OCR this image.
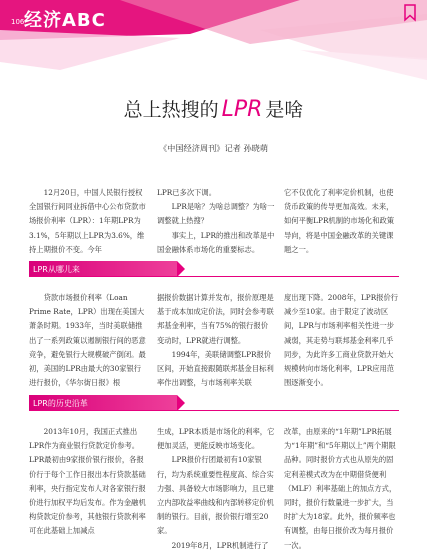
106 经济ABC
总上热搜的 LPR 是啥
《中国经济周刊》记者 孙晓萌

12月20日，中国人民银行授权全国银行间同业拆借中心公布贷款市场报价利率（LPR）：1年期LPR为3.1%，5年期以上LPR为3.6%，维持上期报价不变。今年

LPR已多次下调。

LPR是啥？为啥总调整？为啥一调整就上热搜？

事实上，LPR的推出和改革是中国金融体系市场化的重要标志。

它不仅优化了利率定价机制，也使货币政策的传导更加高效。未来，如何平衡LPR机制的市场化和政策导向，将是中国金融改革的关键课题之一。

LPR从哪儿来

贷款市场报价利率（Loan Prime Rate，LPR）出现在美国大萧条时期。1933年，当时美联储推出了一系列政策以遏制银行间的恶意竞争，避免银行大规模破产倒闭。最初，美国的LPR由最大的30家银行进行报价，《华尔街日报》根

据报价数据计算并发布，报价原理是基于成本加成定价法，同时会参考联邦基金利率，当有75%的银行报价变动时，LPR就进行调整。

1994年，美联储调整LPR报价区间，开始直接跟随联邦基金目标利率作出调整，与市场利率关联

度出现下降。2008年，LPR报价行减少至10家。由于限定了波动区间，LPR与市场利率相关性进一步减弱，其走势与联邦基金利率几乎同步，为此许多工商业贷款开始大规模转向市场化利率，LPR应用范围逐渐变小。

LPR的历史沿革

2013年10月，我国正式推出LPR作为商业银行贷款定价参考。LPR最初由9家报价银行报价，各报价行于每个工作日报出本行贷款基础利率，央行指定发布人对各家银行报价进行加权平均后发布。作为金融机构贷款定价参考，其他银行贷款利率可在此基础上加减点

生成，LPR本质是市场化的利率，它便加灵活，更能反映市场变化。

LPR报价行团最初有10家银行，均为系统重要性程度高、综合实力强、具备较大市场影响力，且已建立内部收益率曲线和内部转移定价机制的银行。目前，报价银行增至20家。

2019年8月，LPR机制进行了

改革，由原来的“1年期”LPR拓展为“1年期”和“5年期以上”两个期限品种。同时报价方式也从原先的固定利差模式改为在中期借贷便利（MLF）利率基础上的加点方式，同时，报价行数量进一步扩大，当时扩大为18家。此外，报价频率也有调整，由每日报价改为每月报价一次。
